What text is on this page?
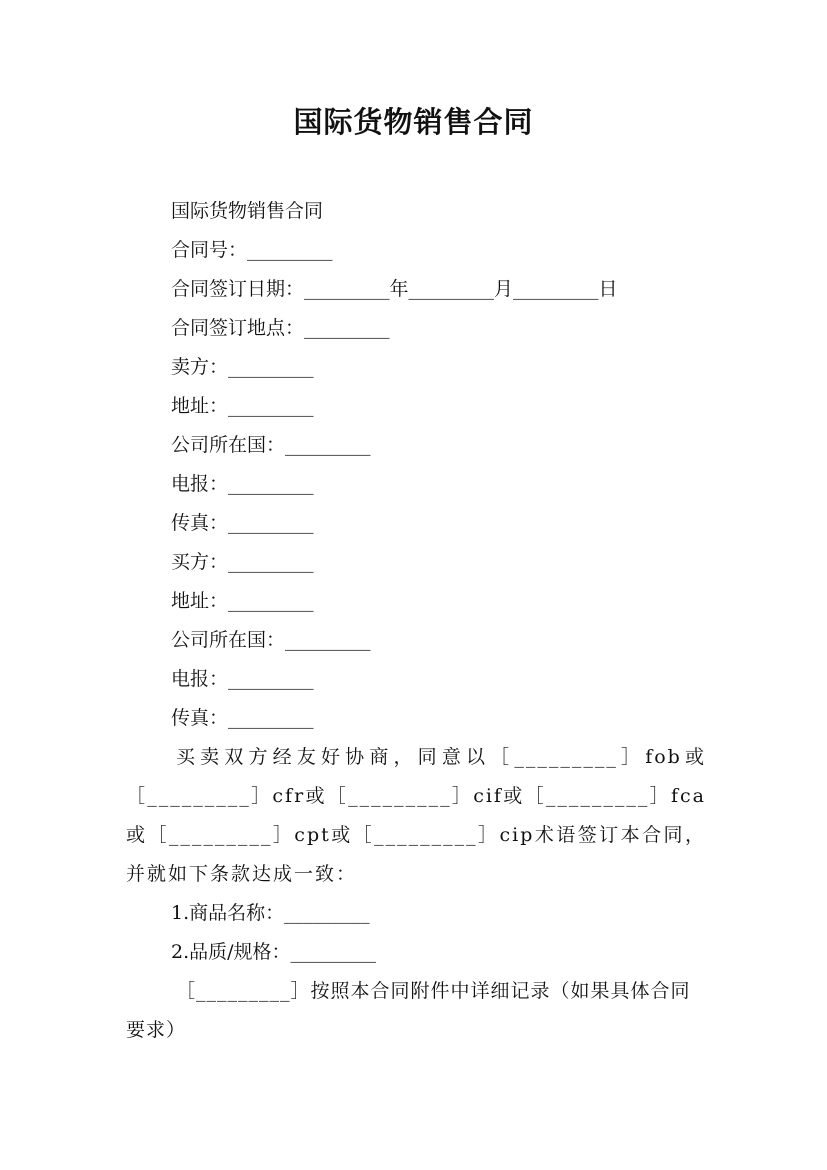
国际货物销售合同
国际货物销售合同
合同号：_________
合同签订日期：_________年_________月_________日
合同签订地点：_________
卖方：_________
地址：_________
公司所在国：_________
电报：_________
传真：_________
买方：_________
地址：_________
公司所在国：_________
电报：_________
传真：_________
买卖双方经友好协商，同意以［_________］fob或［_________］cfr或［_________］cif或［_________］fca或［_________］cpt或［_________］cip术语签订本合同，并就如下条款达成一致：
1.商品名称：_________
2.品质/规格：_________
［_________］按照本合同附件中详细记录（如果具体合同要求）
